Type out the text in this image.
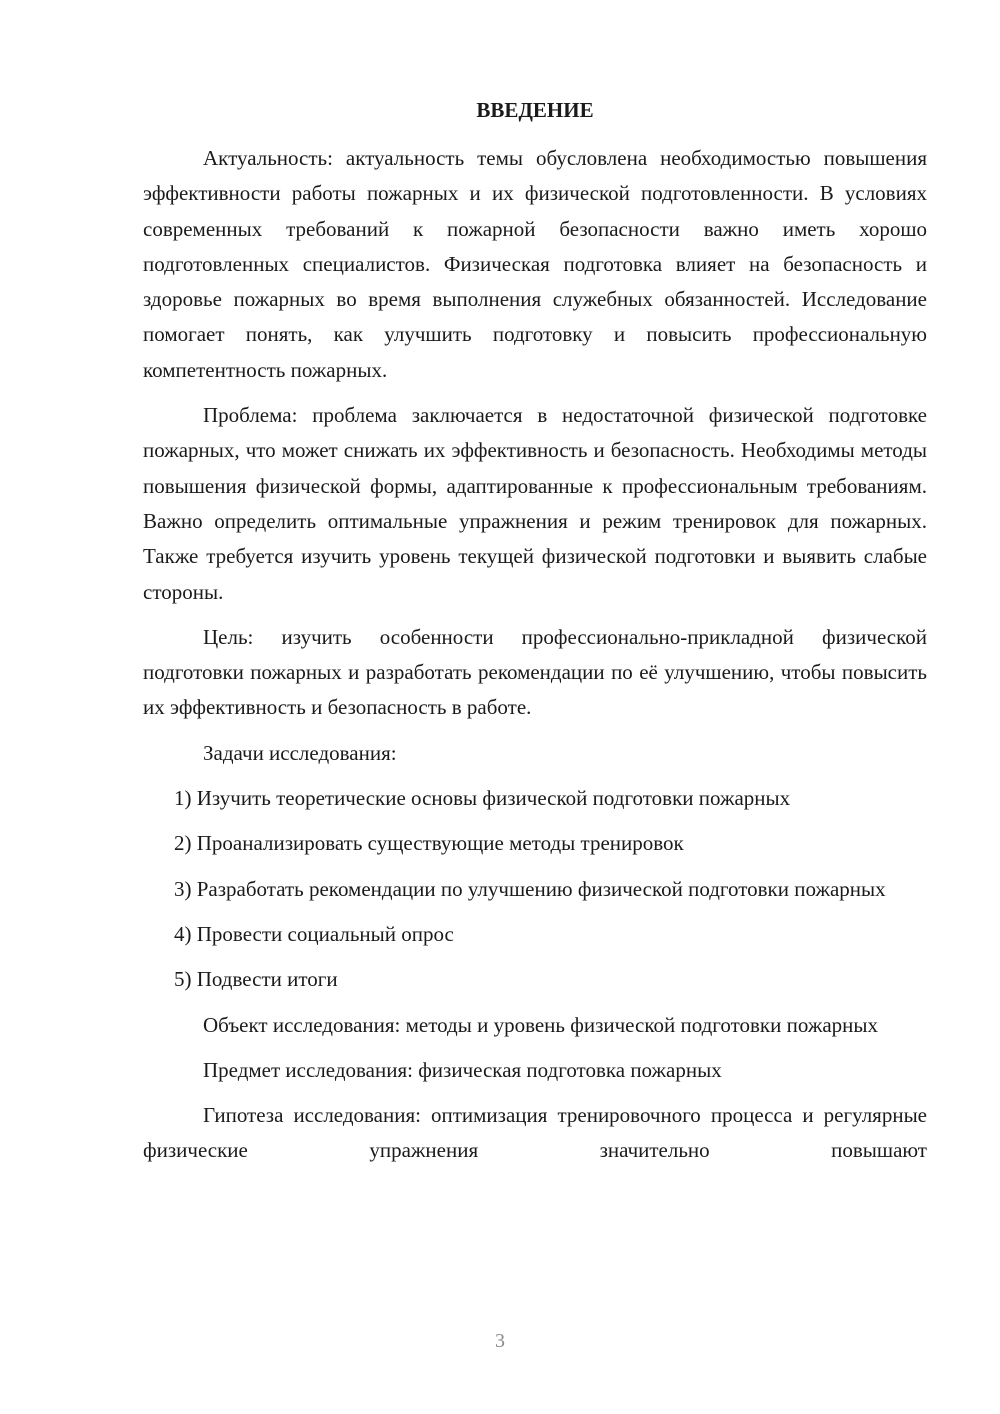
ВВЕДЕНИЕ

Актуальность: актуальность темы обусловлена необходимостью повышения эффективности работы пожарных и их физической подготовленности. В условиях современных требований к пожарной безопасности важно иметь хорошо подготовленных специалистов. Физическая подготовка влияет на безопасность и здоровье пожарных во время выполнения служебных обязанностей. Исследование помогает понять, как улучшить подготовку и повысить профессиональную компетентность пожарных.

Проблема: проблема заключается в недостаточной физической подготовке пожарных, что может снижать их эффективность и безопасность. Необходимы методы повышения физической формы, адаптированные к профессиональным требованиям. Важно определить оптимальные упражнения и режим тренировок для пожарных. Также требуется изучить уровень текущей физической подготовки и выявить слабые стороны.

Цель: изучить особенности профессионально-прикладной физической подготовки пожарных и разработать рекомендации по её улучшению, чтобы повысить их эффективность и безопасность в работе.

Задачи исследования:

1) Изучить теоретические основы физической подготовки пожарных

2) Проанализировать существующие методы тренировок

3) Разработать рекомендации по улучшению физической подготовки пожарных

4) Провести социальный опрос

5) Подвести итоги

Объект исследования: методы и уровень физической подготовки пожарных

Предмет исследования: физическая подготовка пожарных

Гипотеза исследования: оптимизация тренировочного процесса и регулярные физические упражнения значительно повышают

3
